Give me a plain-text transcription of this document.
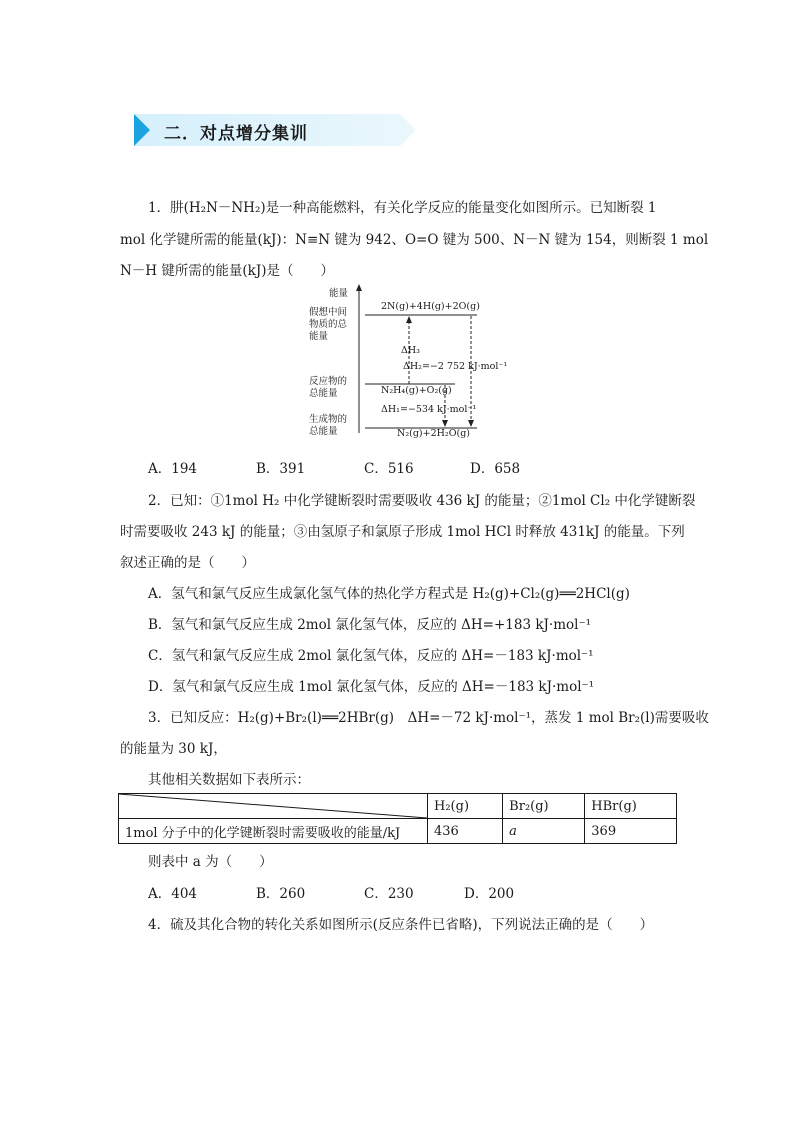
二．对点增分集训
1．肼(H₂N－NH₂)是一种高能燃料，有关化学反应的能量变化如图所示。已知断裂 1
mol 化学键所需的能量(kJ)：N≡N 键为 942、O=O 键为 500、N－N 键为 154，则断裂 1 mol
N－H 键所需的能量(kJ)是（　　）
能量
假想中间物质的总能量
反应物的总能量
生成物的总能量
2N(g)+4H(g)+2O(g)
N₂H₄(g)+O₂(g)
N₂(g)+2H₂O(g)
ΔH₃
ΔH₂=−2 752 kJ·mol⁻¹
ΔH₁=−534 kJ·mol⁻¹
A．194	B．391	C．516	D．658
2．已知：①1mol H₂ 中化学键断裂时需要吸收 436 kJ 的能量；②1mol Cl₂ 中化学键断裂
时需要吸收 243 kJ 的能量；③由氢原子和氯原子形成 1mol HCl 时释放 431kJ 的能量。下列
叙述正确的是（　　）
A．氢气和氯气反应生成氯化氢气体的热化学方程式是 H₂(g)+Cl₂(g)══2HCl(g)
B．氢气和氯气反应生成 2mol 氯化氢气体，反应的 ΔH=+183 kJ·mol⁻¹
C．氢气和氯气反应生成 2mol 氯化氢气体，反应的 ΔH=－183 kJ·mol⁻¹
D．氢气和氯气反应生成 1mol 氯化氢气体，反应的 ΔH=－183 kJ·mol⁻¹
3．已知反应：H₂(g)+Br₂(l)══2HBr(g)　ΔH=－72 kJ·mol⁻¹，蒸发 1 mol Br₂(l)需要吸收
的能量为 30 kJ，
其他相关数据如下表所示：
	H₂(g)	Br₂(g)	HBr(g)
1mol 分子中的化学键断裂时需要吸收的能量/kJ	436	a	369
则表中 a 为（　　）
A．404	B．260	C．230	D．200
4．硫及其化合物的转化关系如图所示(反应条件已省略)，下列说法正确的是（　　）
